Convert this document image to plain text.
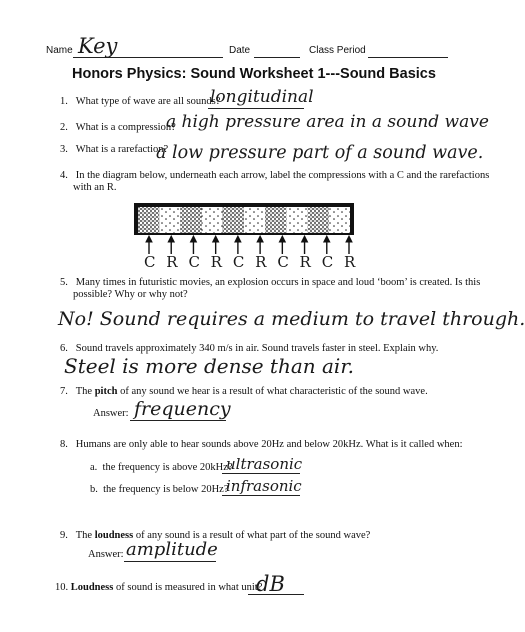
Name Key	Date	Class Period
Honors Physics: Sound Worksheet 1---Sound Basics
1. What type of wave are all sounds?
longitudinal
2. What is a compression?
a high pressure area in a sound wave
3. What is a rarefaction?
a low pressure part of a sound wave.
4. In the diagram below, underneath each arrow, label the compressions with a C and the rarefactions
with an R.
C R C R C R C R C R
5. Many times in futuristic movies, an explosion occurs in space and loud ‘boom’ is created. Is this
possible? Why or why not?
No! Sound requires a medium to travel through.
6. Sound travels approximately 340 m/s in air. Sound travels faster in steel. Explain why.
Steel is more dense than air.
7. The pitch of any sound we hear is a result of what characteristic of the sound wave.
Answer: frequency
8. Humans are only able to hear sounds above 20Hz and below 20kHz. What is it called when:
a. the frequency is above 20kHz?
ultrasonic
b. the frequency is below 20Hz?
infrasonic
9. The loudness of any sound is a result of what part of the sound wave?
Answer: amplitude
10. Loudness of sound is measured in what unit?
dB
